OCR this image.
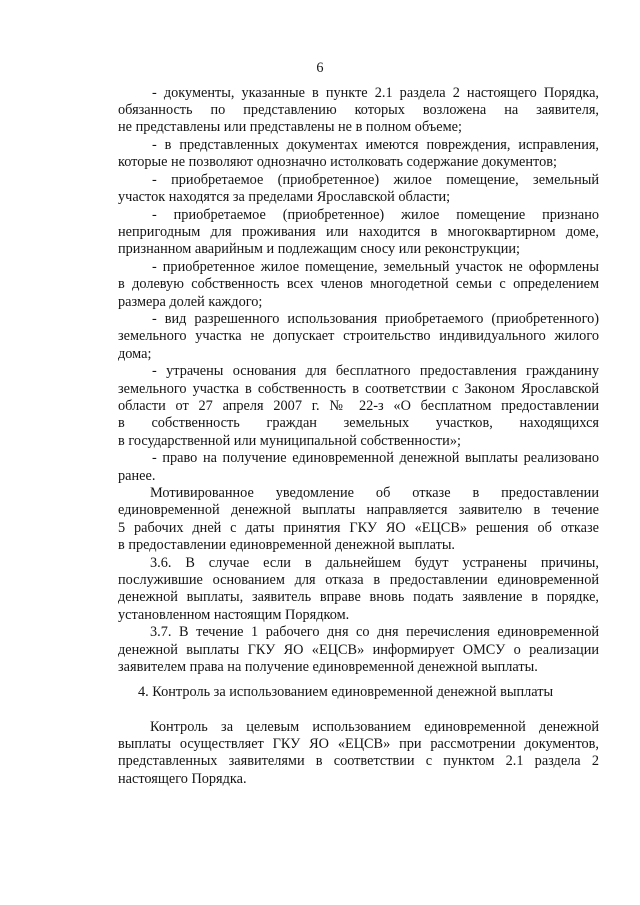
6
- документы, указанные в пункте 2.1 раздела 2 настоящего Порядка,
обязанность по представлению которых возложена на заявителя,
не представлены или представлены не в полном объеме;
- в представленных документах имеются повреждения, исправления,
которые не позволяют однозначно истолковать содержание документов;
- приобретаемое (приобретенное) жилое помещение, земельный
участок находятся за пределами Ярославской области;
- приобретаемое (приобретенное) жилое помещение признано
непригодным для проживания или находится в многоквартирном доме,
признанном аварийным и подлежащим сносу или реконструкции;
- приобретенное жилое помещение, земельный участок не оформлены
в долевую собственность всех членов многодетной семьи с определением
размера долей каждого;
- вид разрешенного использования приобретаемого (приобретенного)
земельного участка не допускает строительство индивидуального жилого
дома;
- утрачены основания для бесплатного предоставления гражданину
земельного участка в собственность в соответствии с Законом Ярославской
области от 27 апреля 2007 г. № 22-з «О бесплатном предоставлении
в собственность граждан земельных участков, находящихся
в государственной или муниципальной собственности»;
- право на получение единовременной денежной выплаты реализовано
ранее.
Мотивированное уведомление об отказе в предоставлении
единовременной денежной выплаты направляется заявителю в течение
5 рабочих дней с даты принятия ГКУ ЯО «ЕЦСВ» решения об отказе
в предоставлении единовременной денежной выплаты.
3.6. В случае если в дальнейшем будут устранены причины,
послужившие основанием для отказа в предоставлении единовременной
денежной выплаты, заявитель вправе вновь подать заявление в порядке,
установленном настоящим Порядком.
3.7. В течение 1 рабочего дня со дня перечисления единовременной
денежной выплаты ГКУ ЯО «ЕЦСВ» информирует ОМСУ о реализации
заявителем права на получение единовременной денежной выплаты.
4. Контроль за использованием единовременной денежной выплаты
Контроль за целевым использованием единовременной денежной
выплаты осуществляет ГКУ ЯО «ЕЦСВ» при рассмотрении документов,
представленных заявителями в соответствии с пунктом 2.1 раздела 2
настоящего Порядка.
